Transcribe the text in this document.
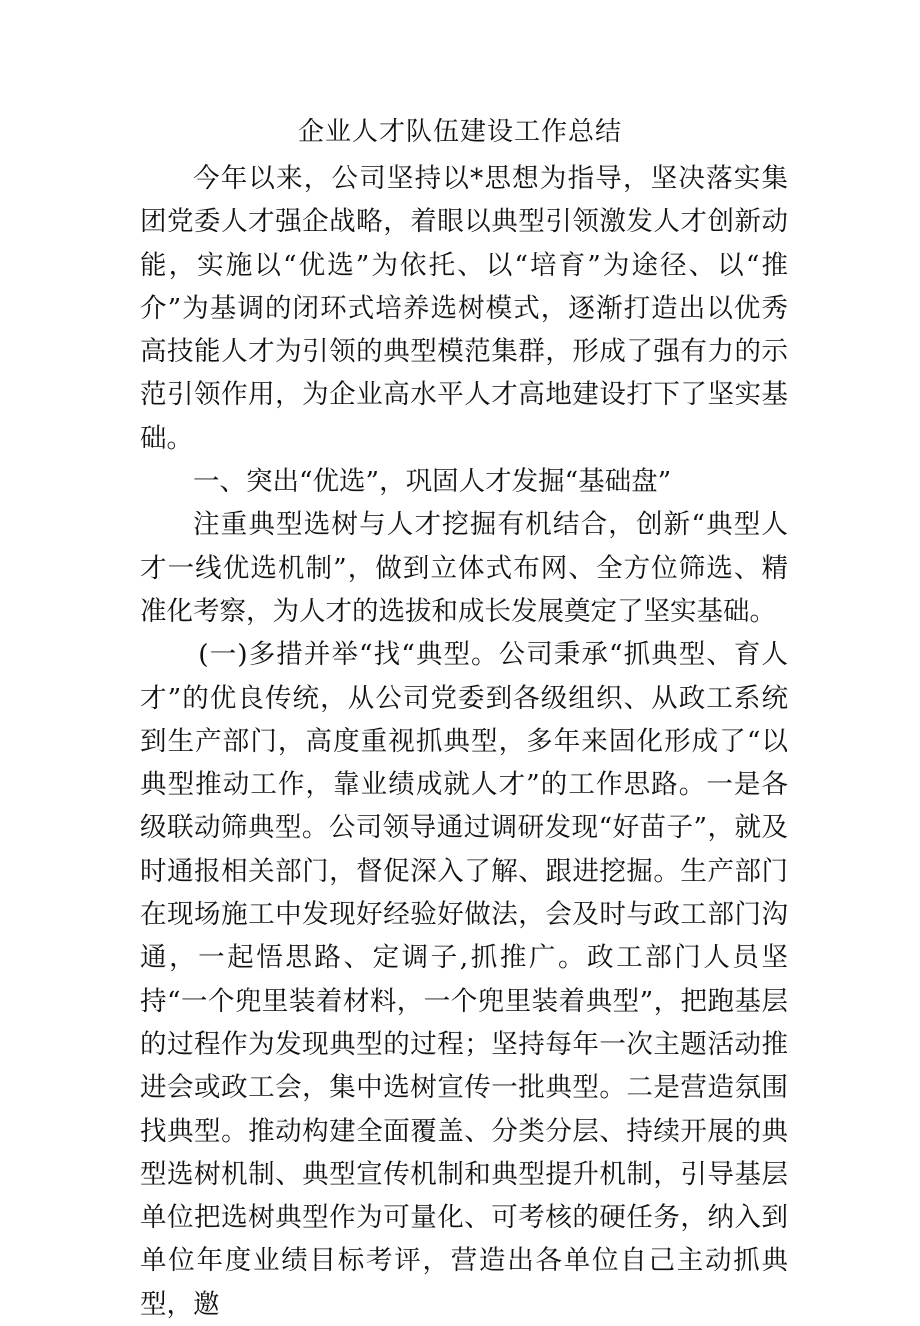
企业人才队伍建设工作总结

今年以来，公司坚持以*思想为指导，坚决落实集团党委人才强企战略，着眼以典型引领激发人才创新动能，实施以“优选”为依托、以“培育”为途径、以“推介”为基调的闭环式培养选树模式，逐渐打造出以优秀高技能人才为引领的典型模范集群，形成了强有力的示范引领作用，为企业高水平人才高地建设打下了坚实基础。

一、突出“优选”，巩固人才发掘“基础盘”

注重典型选树与人才挖掘有机结合，创新“典型人才一线优选机制”，做到立体式布网、全方位筛选、精准化考察，为人才的选拔和成长发展奠定了坚实基础。

(一)多措并举“找“典型。公司秉承“抓典型、育人才”的优良传统，从公司党委到各级组织、从政工系统到生产部门，高度重视抓典型，多年来固化形成了“以典型推动工作，靠业绩成就人才”的工作思路。一是各级联动筛典型。公司领导通过调研发现“好苗子”，就及时通报相关部门，督促深入了解、跟进挖掘。生产部门在现场施工中发现好经验好做法，会及时与政工部门沟通，一起悟思路、定调子,抓推广。政工部门人员坚持“一个兜里装着材料，一个兜里装着典型”，把跑基层的过程作为发现典型的过程；坚持每年一次主题活动推进会或政工会，集中选树宣传一批典型。二是营造氛围找典型。推动构建全面覆盖、分类分层、持续开展的典型选树机制、典型宣传机制和典型提升机制，引导基层单位把选树典型作为可量化、可考核的硬任务，纳入到单位年度业绩目标考评，营造出各单位自己主动抓典型，邀
